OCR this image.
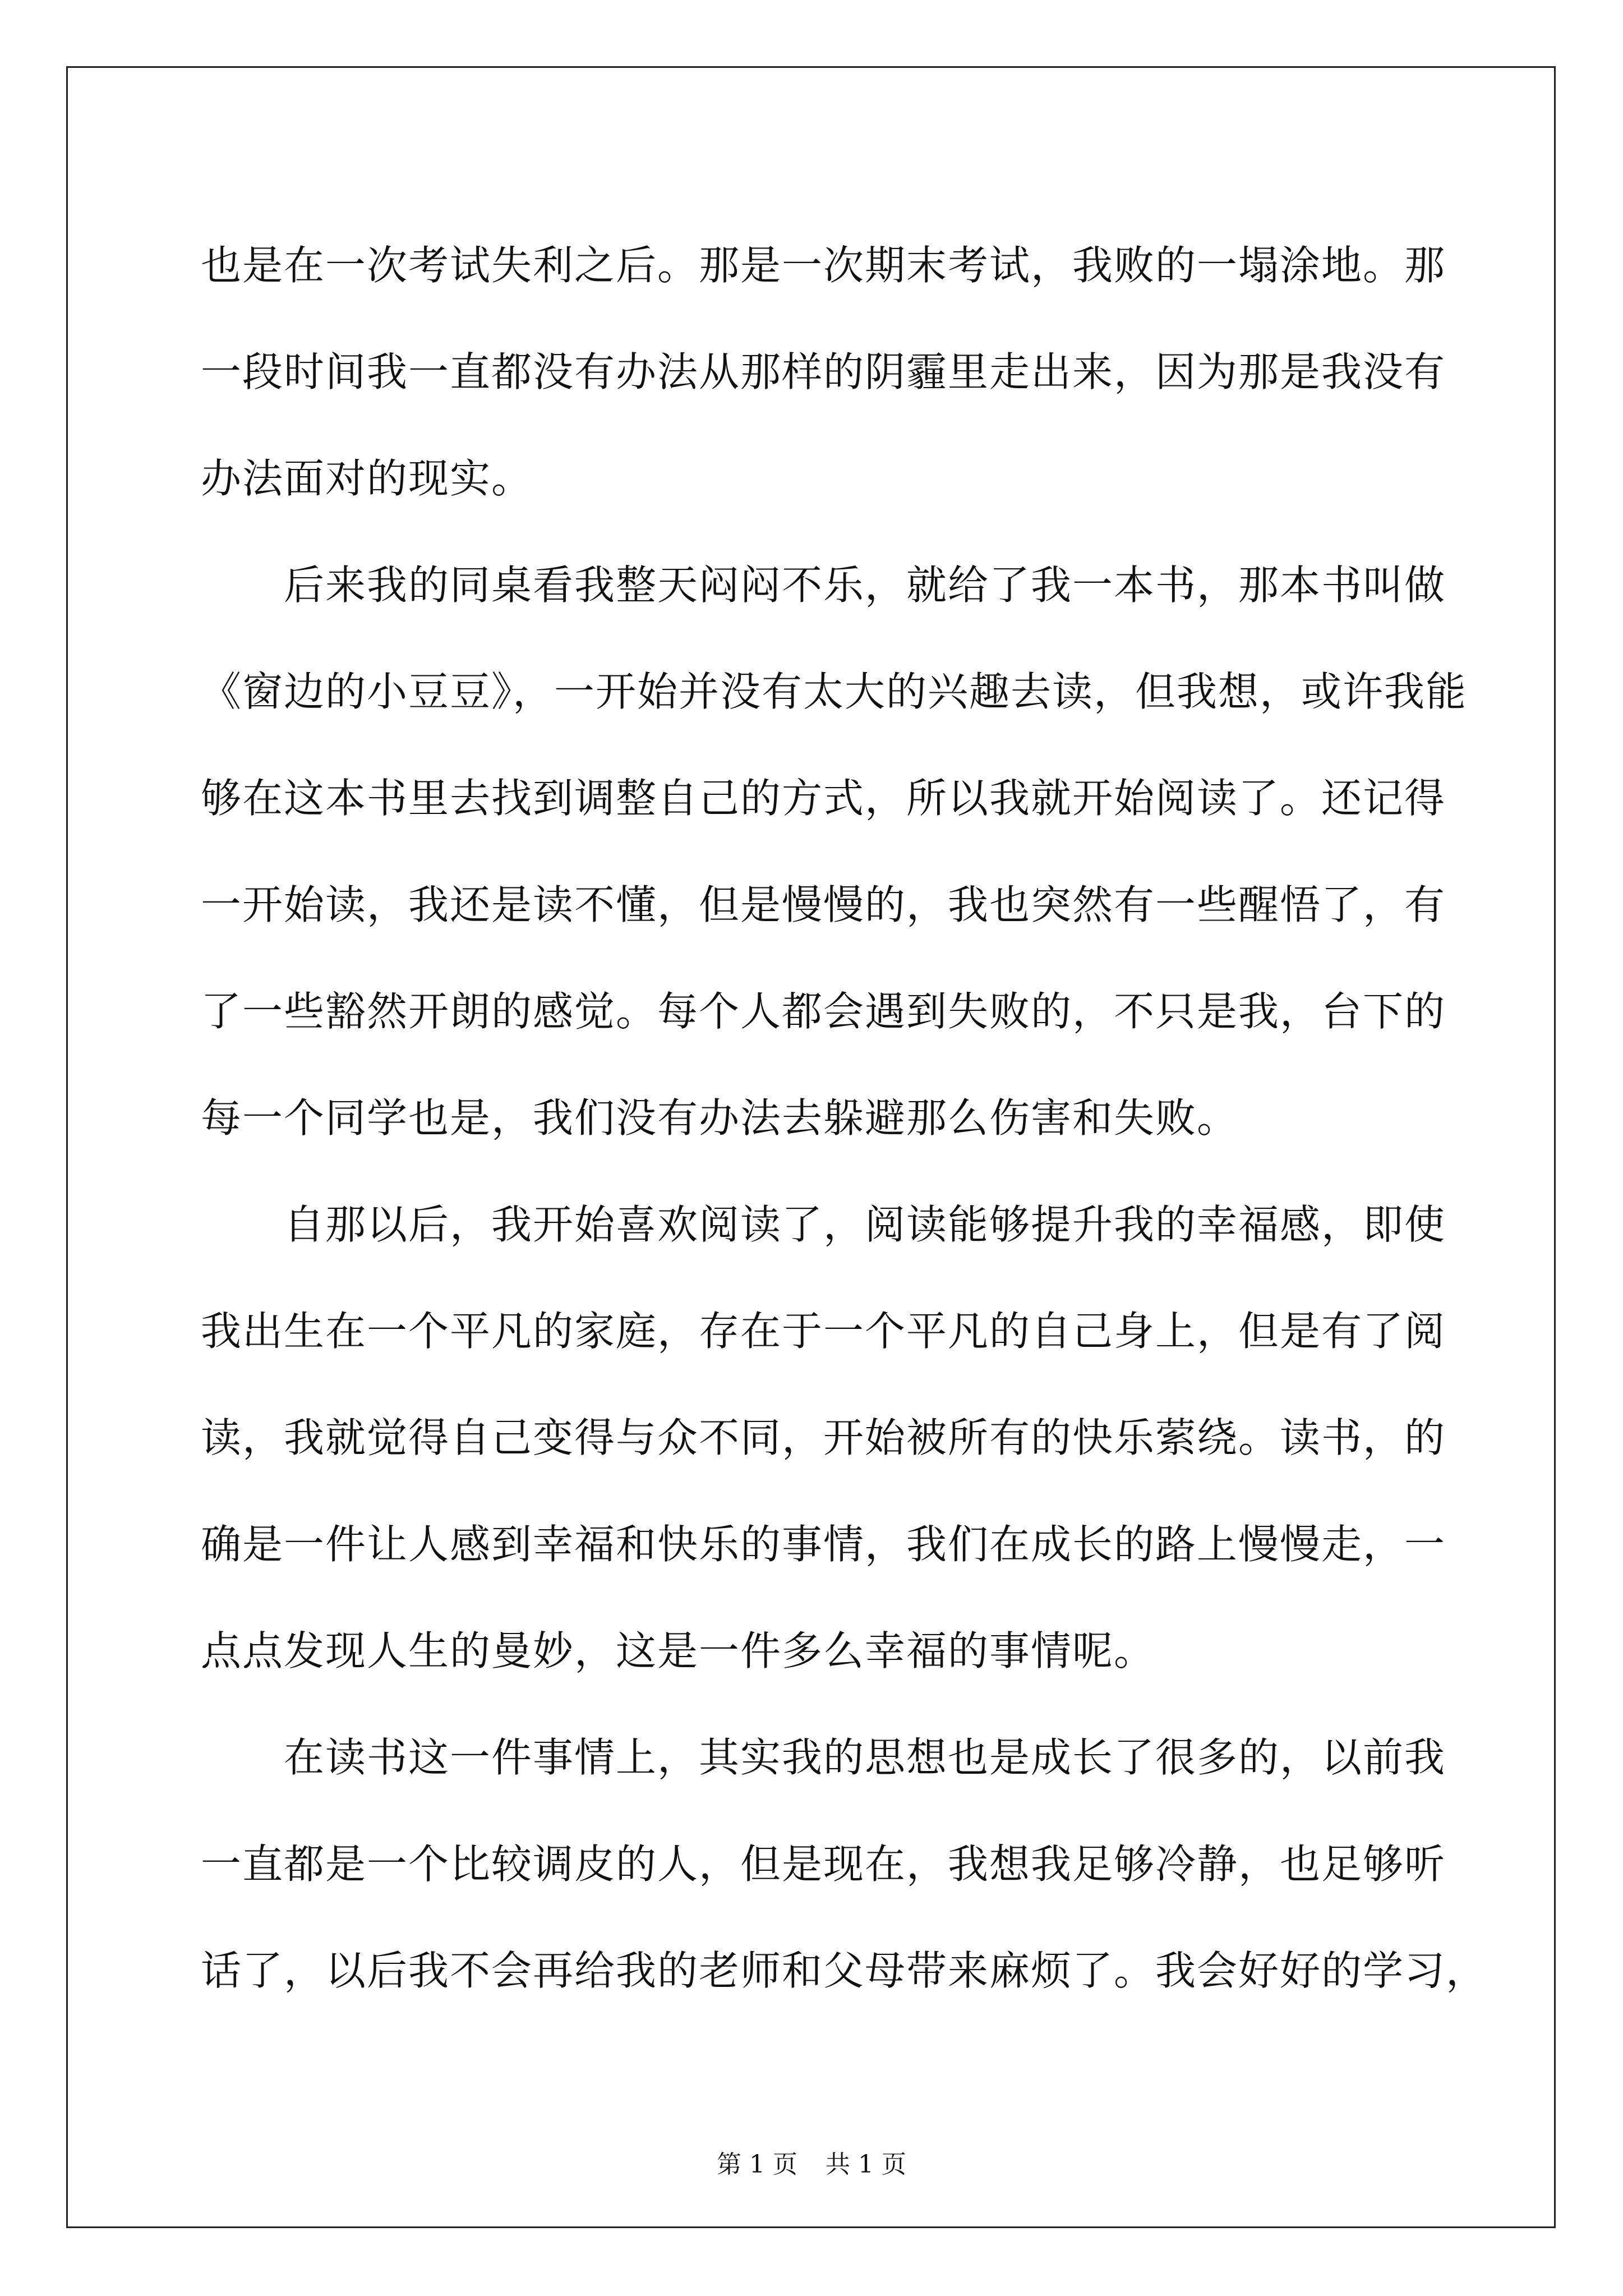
也是在一次考试失利之后。那是一次期末考试，我败的一塌涂地。那
一段时间我一直都没有办法从那样的阴霾里走出来，因为那是我没有
办法面对的现实。
　　后来我的同桌看我整天闷闷不乐，就给了我一本书，那本书叫做
《窗边的小豆豆》，一开始并没有太大的兴趣去读，但我想，或许我能
够在这本书里去找到调整自己的方式，所以我就开始阅读了。还记得
一开始读，我还是读不懂，但是慢慢的，我也突然有一些醒悟了，有
了一些豁然开朗的感觉。每个人都会遇到失败的，不只是我，台下的
每一个同学也是，我们没有办法去躲避那么伤害和失败。
　　自那以后，我开始喜欢阅读了，阅读能够提升我的幸福感，即使
我出生在一个平凡的家庭，存在于一个平凡的自己身上，但是有了阅
读，我就觉得自己变得与众不同，开始被所有的快乐萦绕。读书，的
确是一件让人感到幸福和快乐的事情，我们在成长的路上慢慢走，一
点点发现人生的曼妙，这是一件多么幸福的事情呢。
　　在读书这一件事情上，其实我的思想也是成长了很多的，以前我
一直都是一个比较调皮的人，但是现在，我想我足够冷静，也足够听
话了，以后我不会再给我的老师和父母带来麻烦了。我会好好的学习，
第 1 页 共 1 页
